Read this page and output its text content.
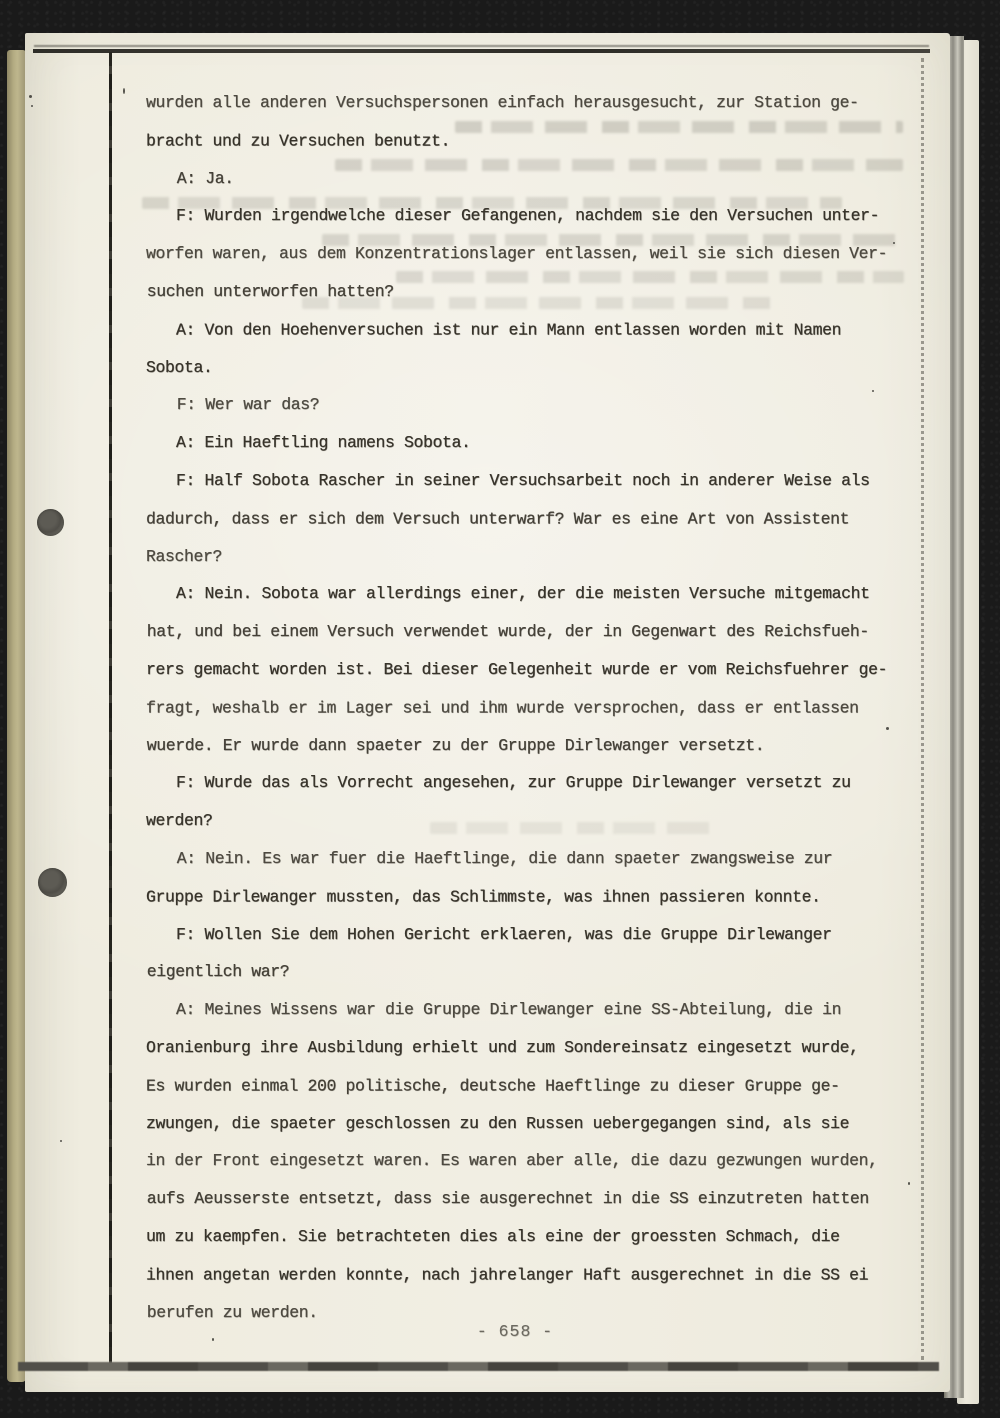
wurden alle anderen Versuchspersonen einfach herausgesucht, zur Station ge-
bracht und zu Versuchen benutzt.
A: Ja.
F: Wurden irgendwelche dieser Gefangenen, nachdem sie den Versuchen unter-
worfen waren, aus dem Konzentrationslager entlassen, weil sie sich diesen Ver-
suchen unterworfen hatten?
A: Von den Hoehenversuchen ist nur ein Mann entlassen worden mit Namen
Sobota.
F: Wer war das?
A: Ein Haeftling namens Sobota.
F: Half Sobota Rascher in seiner Versuchsarbeit noch in anderer Weise als
dadurch, dass er sich dem Versuch unterwarf? War es eine Art von Assistent
Rascher?
A: Nein. Sobota war allerdings einer, der die meisten Versuche mitgemacht
hat, und bei einem Versuch verwendet wurde, der in Gegenwart des Reichsfueh-
rers gemacht worden ist. Bei dieser Gelegenheit wurde er vom Reichsfuehrer ge-
fragt, weshalb er im Lager sei und ihm wurde versprochen, dass er entlassen
wuerde. Er wurde dann spaeter zu der Gruppe Dirlewanger versetzt.
F: Wurde das als Vorrecht angesehen, zur Gruppe Dirlewanger versetzt zu
werden?
A: Nein. Es war fuer die Haeftlinge, die dann spaeter zwangsweise zur
Gruppe Dirlewanger mussten, das Schlimmste, was ihnen passieren konnte.
F: Wollen Sie dem Hohen Gericht erklaeren, was die Gruppe Dirlewanger
eigentlich war?
A: Meines Wissens war die Gruppe Dirlewanger eine SS-Abteilung, die in
Oranienburg ihre Ausbildung erhielt und zum Sondereinsatz eingesetzt wurde,
Es wurden einmal 200 politische, deutsche Haeftlinge zu dieser Gruppe ge-
zwungen, die spaeter geschlossen zu den Russen uebergegangen sind, als sie
in der Front eingesetzt waren. Es waren aber alle, die dazu gezwungen wurden,
aufs Aeusserste entsetzt, dass sie ausgerechnet in die SS einzutreten hatten
um zu kaempfen. Sie betrachteten dies als eine der groessten Schmach, die
ihnen angetan werden konnte, nach jahrelanger Haft ausgerechnet in die SS ei
berufen zu werden.
- 658 -
